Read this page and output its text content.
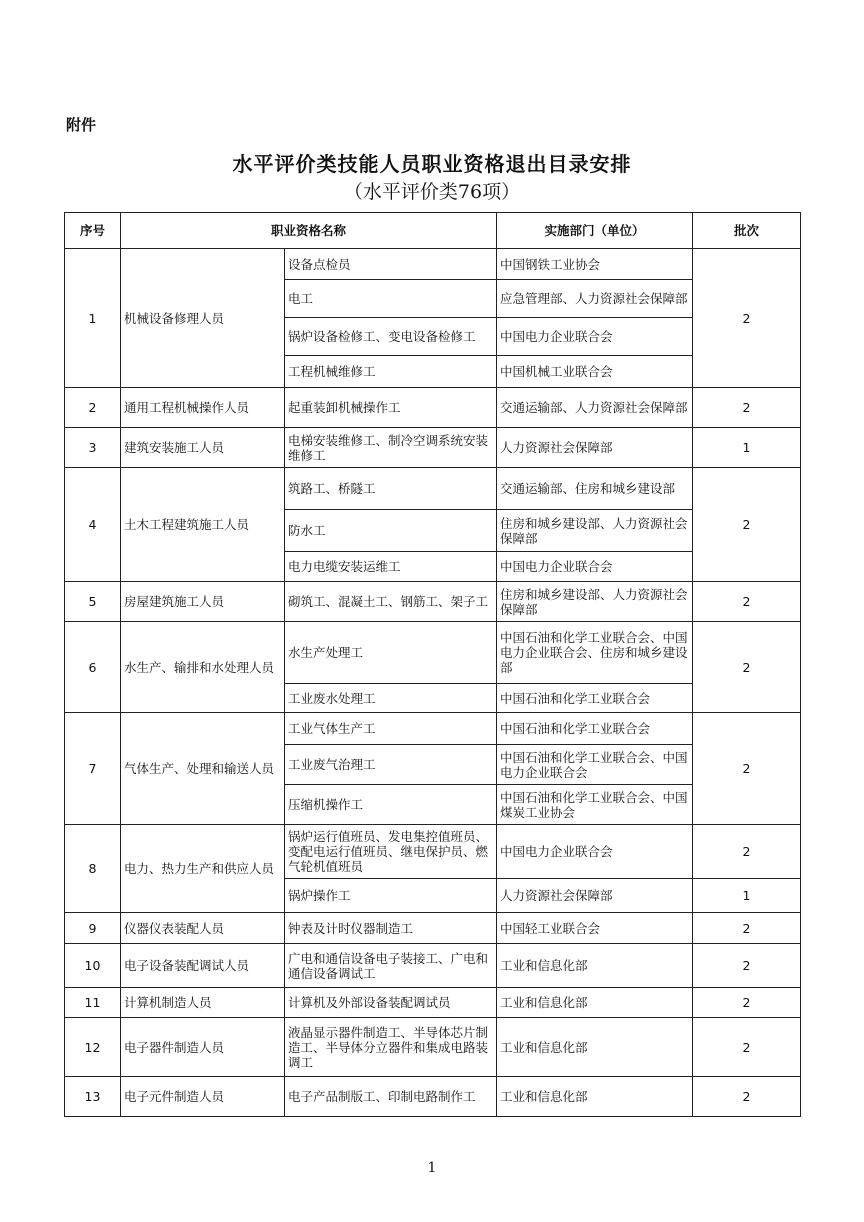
附件
水平评价类技能人员职业资格退出目录安排
（水平评价类76项）
序号	职业资格名称		实施部门（单位）	批次
1	机械设备修理人员	设备点检员	中国钢铁工业协会	2
		电工	应急管理部、人力资源社会保障部	
		锅炉设备检修工、变电设备检修工	中国电力企业联合会	
		工程机械维修工	中国机械工业联合会	
2	通用工程机械操作人员	起重装卸机械操作工	交通运输部、人力资源社会保障部	2
3	建筑安装施工人员	电梯安装维修工、制冷空调系统安装维修工	人力资源社会保障部	1
4	土木工程建筑施工人员	筑路工、桥隧工	交通运输部、住房和城乡建设部	2
		防水工	住房和城乡建设部、人力资源社会保障部	
		电力电缆安装运维工	中国电力企业联合会	
5	房屋建筑施工人员	砌筑工、混凝土工、钢筋工、架子工	住房和城乡建设部、人力资源社会保障部	2
6	水生产、输排和水处理人员	水生产处理工	中国石油和化学工业联合会、中国电力企业联合会、住房和城乡建设部	2
		工业废水处理工	中国石油和化学工业联合会	
7	气体生产、处理和输送人员	工业气体生产工	中国石油和化学工业联合会	2
		工业废气治理工	中国石油和化学工业联合会、中国电力企业联合会	
		压缩机操作工	中国石油和化学工业联合会、中国煤炭工业协会	
8	电力、热力生产和供应人员	锅炉运行值班员、发电集控值班员、变配电运行值班员、继电保护员、燃气轮机值班员	中国电力企业联合会	2
		锅炉操作工	人力资源社会保障部	1
9	仪器仪表装配人员	钟表及计时仪器制造工	中国轻工业联合会	2
10	电子设备装配调试人员	广电和通信设备电子装接工、广电和通信设备调试工	工业和信息化部	2
11	计算机制造人员	计算机及外部设备装配调试员	工业和信息化部	2
12	电子器件制造人员	液晶显示器件制造工、半导体芯片制造工、半导体分立器件和集成电路装调工	工业和信息化部	2
13	电子元件制造人员	电子产品制版工、印制电路制作工	工业和信息化部	2
1
